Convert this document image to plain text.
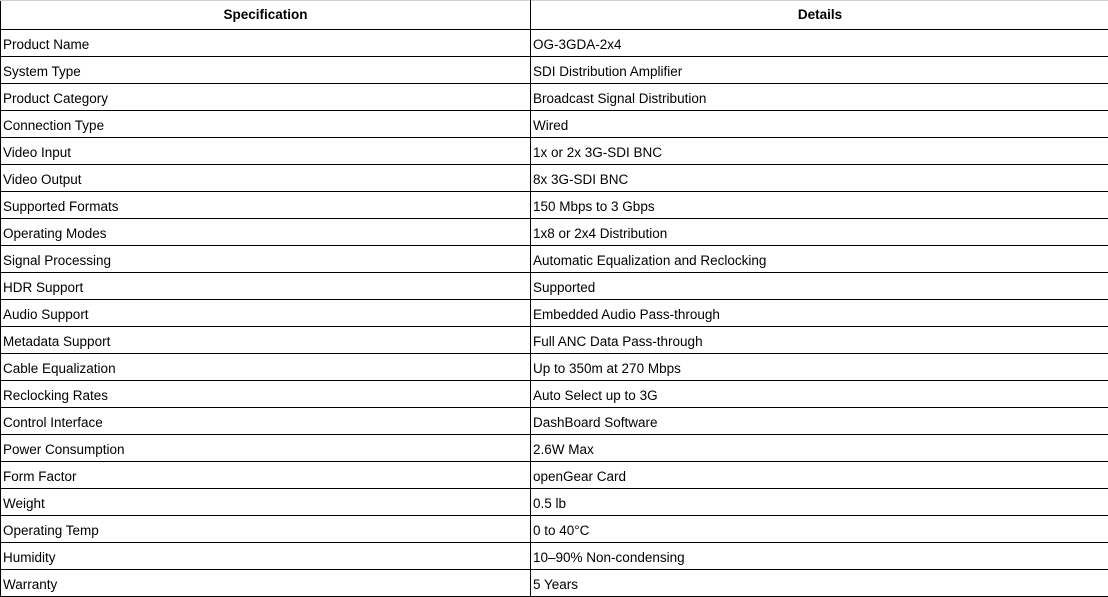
Specification	Details
Product Name	OG-3GDA-2x4
System Type	SDI Distribution Amplifier
Product Category	Broadcast Signal Distribution
Connection Type	Wired
Video Input	1x or 2x 3G-SDI BNC
Video Output	8x 3G-SDI BNC
Supported Formats	150 Mbps to 3 Gbps
Operating Modes	1x8 or 2x4 Distribution
Signal Processing	Automatic Equalization and Reclocking
HDR Support	Supported
Audio Support	Embedded Audio Pass-through
Metadata Support	Full ANC Data Pass-through
Cable Equalization	Up to 350m at 270 Mbps
Reclocking Rates	Auto Select up to 3G
Control Interface	DashBoard Software
Power Consumption	2.6W Max
Form Factor	openGear Card
Weight	0.5 lb
Operating Temp	0 to 40°C
Humidity	10–90% Non-condensing
Warranty	5 Years
